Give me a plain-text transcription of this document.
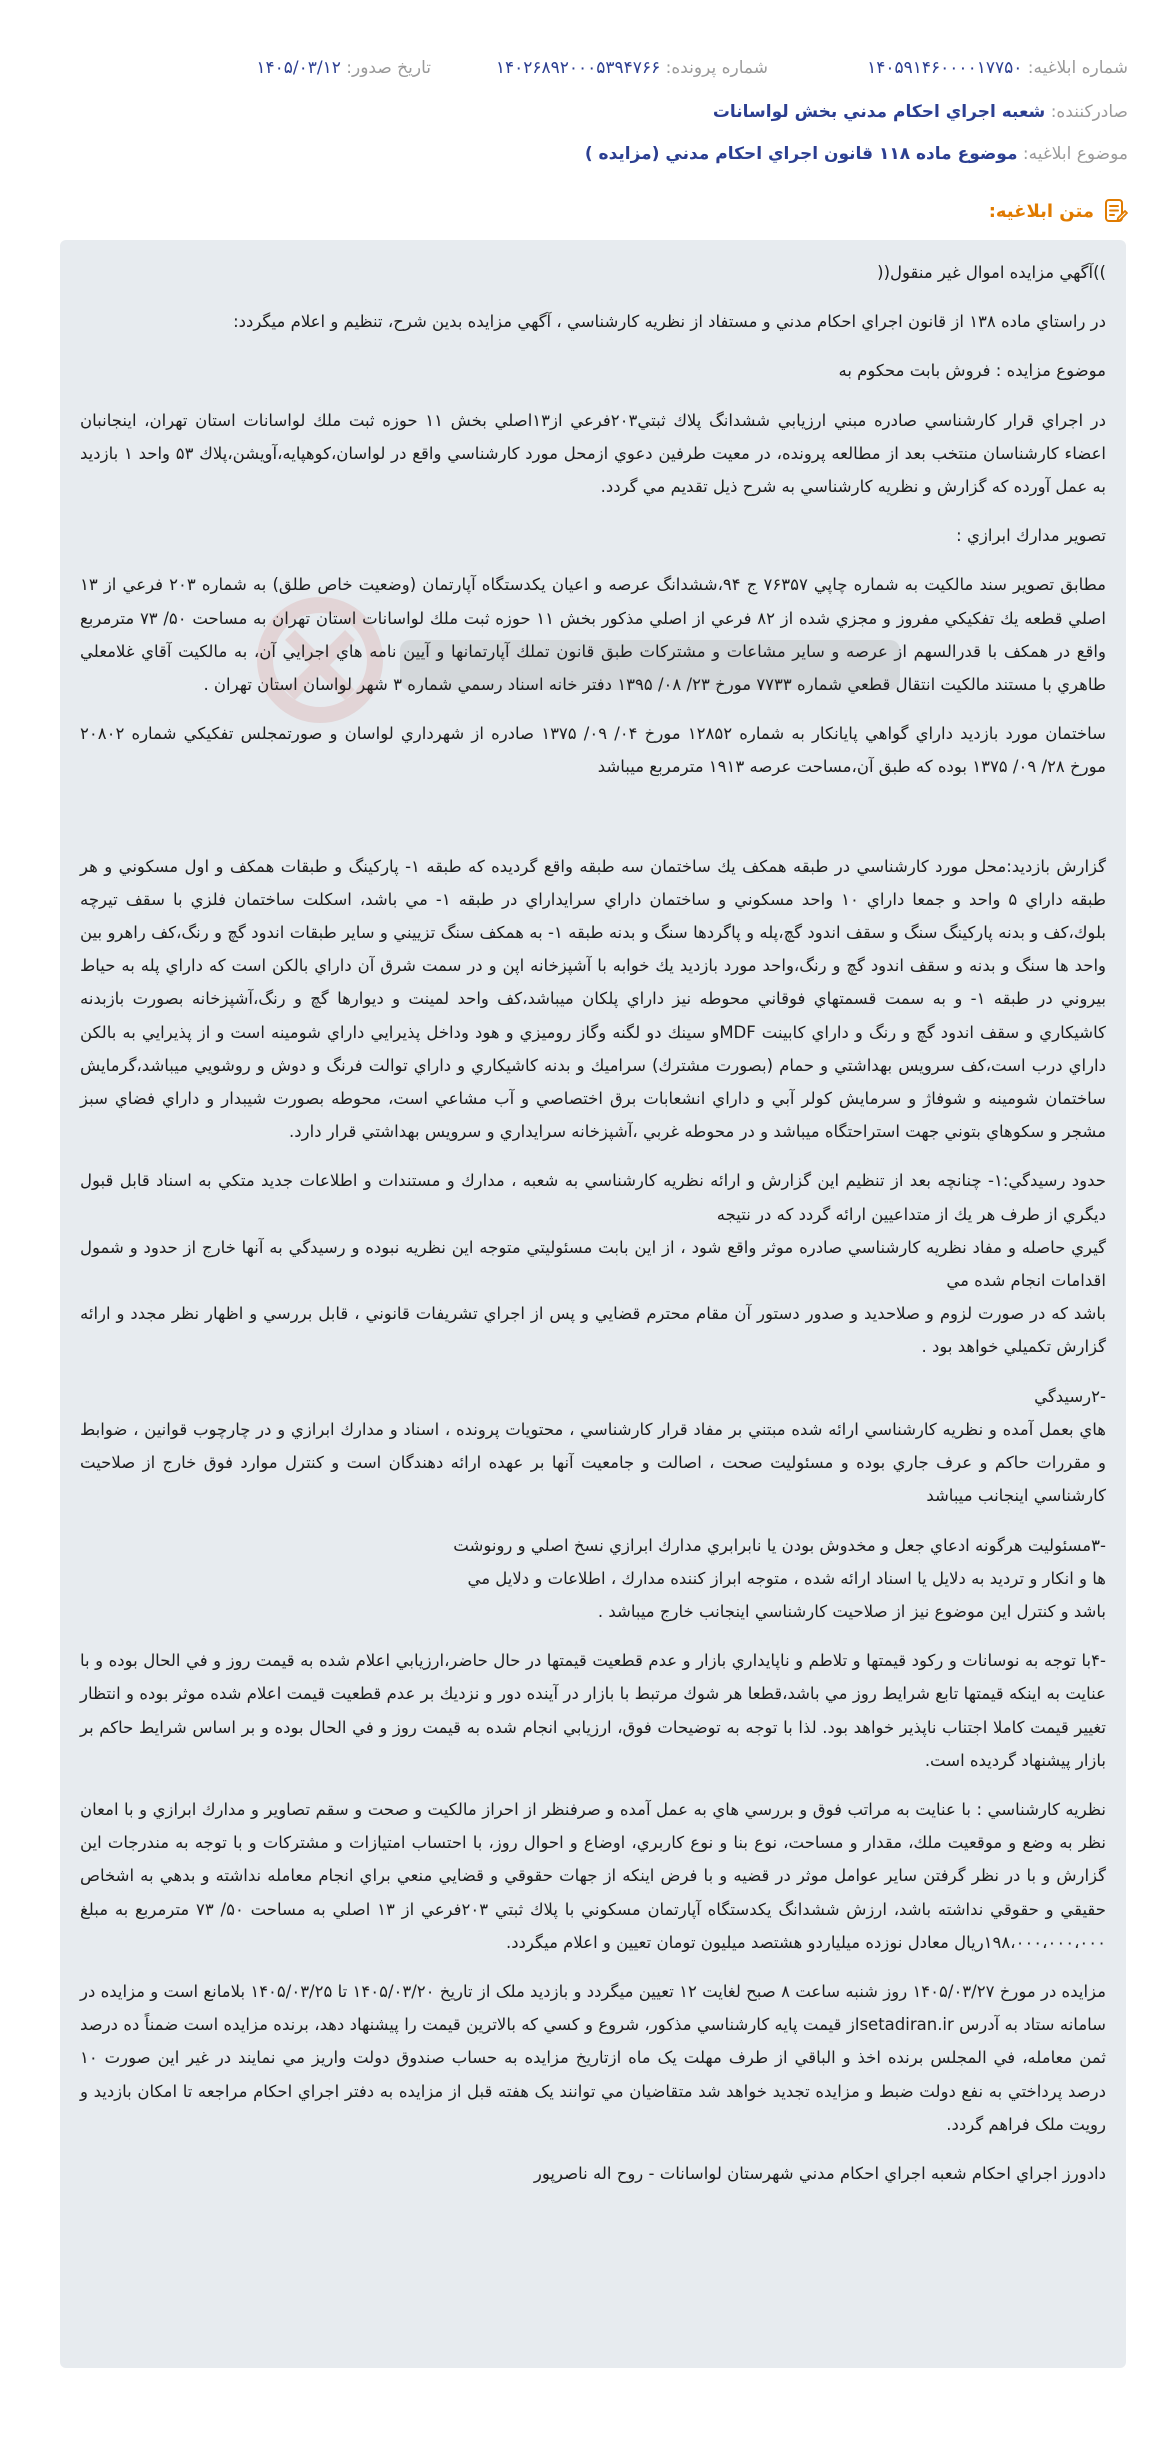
شماره ابلاغيه: ۱۴۰۵۹۱۴۶۰۰۰۰۱۷۷۵۰
شماره پرونده: ۱۴۰۲۶۸۹۲۰۰۰۵۳۹۴۷۶۶
تاريخ صدور: ۱۴۰۵/۰۳/۱۲
صادرکننده: شعبه اجراي احکام مدني بخش لواسانات
موضوع ابلاغيه: موضوع ماده ۱۱۸ قانون اجراي احکام مدني (مزايده )
متن ابلاغيه:

))آگهي مزايده اموال غير منقول((

در راستاي ماده ۱۳۸ از قانون اجراي احکام مدني و مستفاد از نظريه کارشناسي ، آگهي مزايده بدين شرح، تنظيم و اعلام ميگردد:

موضوع مزايده : فروش بابت محکوم به

در اجراي قرار کارشناسي صادره مبني ارزيابي ششدانگ پلاك ثبتي۲۰۳فرعي از۱۳اصلي بخش ۱۱ حوزه ثبت ملك لواسانات استان تهران، اينجانبان اعضاء کارشناسان منتخب بعد از مطالعه پرونده، در معيت طرفين دعوي ازمحل مورد کارشناسي واقع در لواسان،کوهپايه،آويشن،پلاك ۵۳ واحد ۱ بازديد به عمل آورده كه گزارش و نظريه کارشناسي به شرح ذيل تقديم مي گردد.

تصوير مدارك ابرازي :

مطابق تصوير سند مالکيت به شماره چاپي ۷۶۳۵۷ ج ۹۴،ششدانگ عرصه و اعيان يکدستگاه آپارتمان (وضعيت خاص طلق) به شماره ۲۰۳ فرعي از ۱۳ اصلي قطعه يك تفکيکي مفروز و مجزي شده از ۸۲ فرعي از اصلي مذکور بخش ۱۱ حوزه ثبت ملك لواسانات استان تهران به مساحت ۵۰/ ۷۳ مترمربع واقع در همکف با قدرالسهم از عرصه و ساير مشاعات و مشتركات طبق قانون تملك آپارتمانها و آيين نامه هاي اجرايي آن، به مالکيت آقاي غلامعلي طاهري با مستند مالكيت انتقال قطعي شماره ۷۷۳۳ مورخ ۲۳/ ۰۸/ ۱۳۹۵ دفتر خانه اسناد رسمي شماره ۳ شهر لواسان استان تهران .

ساختمان مورد بازديد داراي گواهي پايانكار به شماره ۱۲۸۵۲ مورخ ۰۴/ ۰۹/ ۱۳۷۵ صادره از شهرداري لواسان و صورتمجلس تفکيکي شماره ۲۰۸۰۲ مورخ ۲۸/ ۰۹/ ۱۳۷۵ بوده که طبق آن،مساحت عرصه ۱۹۱۳ مترمربع ميباشد

گزارش بازديد:محل مورد کارشناسي در طبقه همکف يك ساختمان سه طبقه واقع گرديده كه طبقه ۱- پارکينگ و طبقات همکف و اول مسکوني و هر طبقه داراي ۵ واحد و جمعا داراي ۱۰ واحد مسکوني و ساختمان داراي سرايداراي در طبقه ۱- مي باشد، اسکلت ساختمان فلزي با سقف تيرچه بلوك،کف و بدنه پارکينگ سنگ و سقف اندود گچ،پله و پاگردها سنگ و بدنه طبقه ۱- به همکف سنگ تزييني و ساير طبقات اندود گچ و رنگ،کف راهرو بين واحد ها سنگ و بدنه و سقف اندود گچ و رنگ،واحد مورد بازديد يك خوابه با آشپزخانه اپن و در سمت شرق آن داراي بالکن است كه داراي پله به حياط بيروني در طبقه ۱- و به سمت قسمتهاي فوقاني محوطه نيز داراي پلکان ميباشد،کف واحد لمينت و ديوارها گچ و رنگ،آشپزخانه بصورت بازبدنه کاشيکاري و سقف اندود گچ و رنگ و داراي کابينت MDFو سينك دو لگنه وگاز روميزي و هود وداخل پذيرايي داراي شومينه است و از پذيرايي به بالکن داراي درب است،کف سرويس بهداشتي و حمام (بصورت مشترك) سراميك و بدنه کاشيکاري و داراي توالت فرنگ و دوش و روشويي ميباشد،گرمايش ساختمان شومينه و شوفاژ و سرمايش کولر آبي و داراي انشعابات برق اختصاصي و آب مشاعي است، محوطه بصورت شيبدار و داراي فضاي سبز مشجر و سکوهاي بتوني جهت استراحتگاه ميباشد و در محوطه غربي ،آشپزخانه سرايداري و سرويس بهداشتي قرار دارد.

حدود رسيدگي:۱- چنانچه بعد از تنظيم اين گزارش و ارائه نظريه کارشناسي به شعبه ، مدارك و مستندات و اطلاعات جديد متكي به اسناد قابل قبول ديگري از طرف هر يك از متداعيين ارائه گردد که در نتيجه

گيري حاصله و مفاد نظريه كارشناسي صادره موثر واقع شود ، از اين بابت مسئوليتي متوجه اين نظريه نبوده و رسيدگي به آنها خارج از حدود و شمول اقدامات انجام شده مي

باشد كه در صورت لزوم و صلاحديد و صدور دستور آن مقام محترم قضايي و پس از اجراي تشريفات قانوني ، قابل بررسي و اظهار نظر مجدد و ارائه گزارش تكميلي خواهد بود .

-۲رسيدگي

هاي بعمل آمده و نظريه کارشناسي ارائه شده مبتني بر مفاد قرار کارشناسي ، محتويات پرونده ، اسناد و مدارك ابرازي و در چارچوب قوانين ، ضوابط و مقررات حاكم و عرف جاري بوده و مسئوليت صحت ، اصالت و جامعيت آنها بر عهده ارائه دهندگان است و كنترل موارد فوق خارج از صلاحيت كارشناسي اينجانب ميباشد

-۳مسئوليت هرگونه ادعاي جعل و مخدوش بودن يا نابرابري مدارك ابرازي نسخ اصلي و رونوشت

ها و انكار و ترديد به دلايل يا اسناد ارائه شده ، متوجه ابراز كننده مدارك ، اطلاعات و دلايل مي

باشد و كنترل اين موضوع نيز از صلاحيت كارشناسي اينجانب خارج ميباشد .

-۴با توجه به نوسانات و رکود قيمتها و تلاطم و ناپايداري بازار و عدم قطعيت قيمتها در حال حاضر،ارزيابي اعلام شده به قيمت روز و في الحال بوده و با عنايت به اينکه قيمتها تابع شرايط روز مي باشد،قطعا هر شوك مرتبط با بازار در آينده دور و نزديك بر عدم قطعيت قيمت اعلام شده موثر بوده و انتظار تغيير قيمت كاملا اجتناب ناپذير خواهد بود. لذا با توجه به توضيحات فوق، ارزيابي انجام شده به قيمت روز و في الحال بوده و بر اساس شرايط حاکم بر بازار پيشنهاد گرديده است.

نظريه کارشناسي : با عنايت به مراتب فوق و بررسي هاي به عمل آمده و صرفنظر از احراز مالکيت و صحت و سقم تصاوير و مدارك ابرازي و با امعان نظر به وضع و موقعيت ملك، مقدار و مساحت، نوع بنا و نوع کاربري، اوضاع و احوال روز، با احتساب امتيازات و مشتركات و با توجه به مندرجات اين گزارش و با در نظر گرفتن ساير عوامل موثر در قضيه و با فرض اينکه از جهات حقوقي و قضايي منعي براي انجام معامله نداشته و بدهي به اشخاص حقيقي و حقوقي نداشته باشد، ارزش ششدانگ يكدستگاه آپارتمان مسکوني با پلاك ثبتي ۲۰۳فرعي از ۱۳ اصلي به مساحت ۵۰/ ۷۳ مترمربع به مبلغ ۱۹۸،۰۰۰،۰۰۰،۰۰۰ريال معادل نوزده ميلياردو هشتصد ميليون تومان تعيين و اعلام ميگردد.

مزايده در مورخ ۱۴۰۵/۰۳/۲۷ روز شنبه ساعت ۸ صبح لغايت ۱۲ تعيين ميگردد و بازديد ملک از تاريخ ۱۴۰۵/۰۳/۲۰ تا ۱۴۰۵/۰۳/۲۵ بلامانع است و مزايده در سامانه ستاد به آدرس setadiran.irاز قيمت پايه کارشناسي مذکور، شروع و کسي که بالاترين قيمت را پيشنهاد دهد، برنده مزايده است ضمناً ده درصد ثمن معامله، في المجلس برنده اخذ و الباقي از طرف مهلت يک ماه ازتاريخ مزايده به حساب صندوق دولت واريز مي نمايند در غير اين صورت ۱۰ درصد پرداختي به نفع دولت ضبط و مزايده تجديد خواهد شد متقاضيان مي توانند يک هفته قبل از مزايده به دفتر اجراي احکام مراجعه تا امکان بازديد و رويت ملک فراهم گردد.

دادورز اجراي احکام شعبه اجراي احکام مدني شهرستان لواسانات - روح اله ناصرپور
